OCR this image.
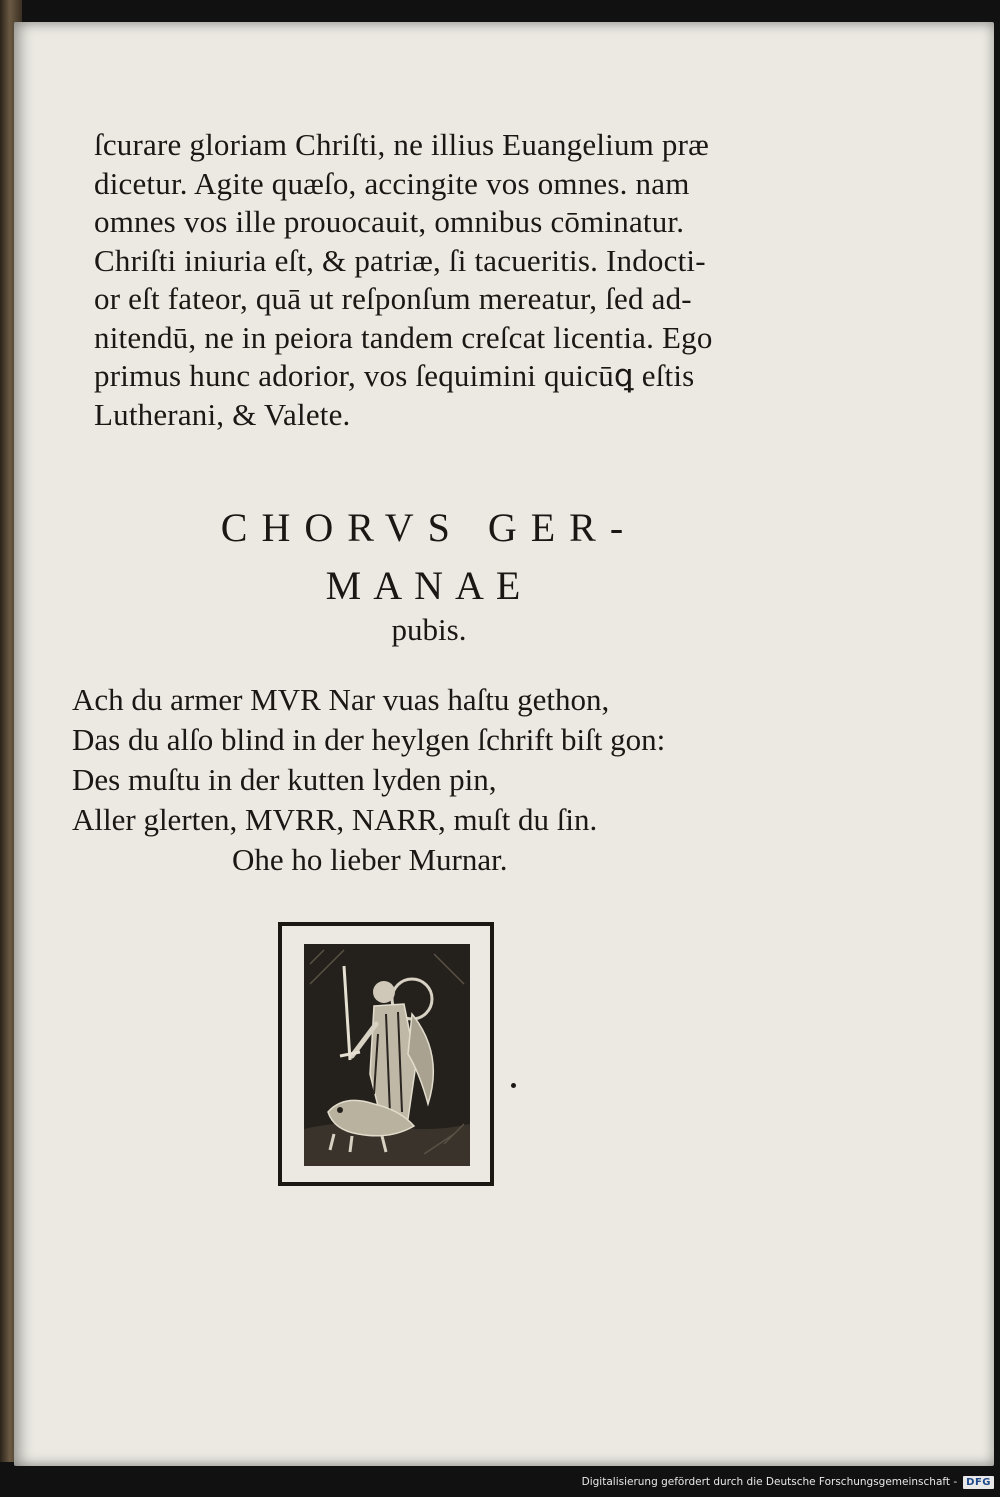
ſcurare gloriam Chriſti, ne illius Euangelium præ
dicetur. Agite quæſo, accingite vos omnes. nam
omnes vos ille prouocauit, omnibus cōminatur.
Chriſti iniuria eſt, & patriæ, ſi tacueritis. Indocti-
or eſt fateor, quā ut reſponſum mereatur, ſed ad-
nitendū, ne in peiora tandem creſcat licentia. Ego
primus hunc adorior, vos ſequimini quicūꝗ eſtis
Lutherani, & Valete.
CHORVS GER-
MANAE
pubis.
Ach du armer MVR Nar vuas haſtu gethon,
Das du alſo blind in der heylgen ſchrift biſt gon:
Des muſtu in der kutten lyden pin,
Aller glerten, MVRR, NARR, muſt du ſin.
Ohe ho lieber Murnar.
Digitalisierung gefördert durch die Deutsche Forschungsgemeinschaft - DFG
